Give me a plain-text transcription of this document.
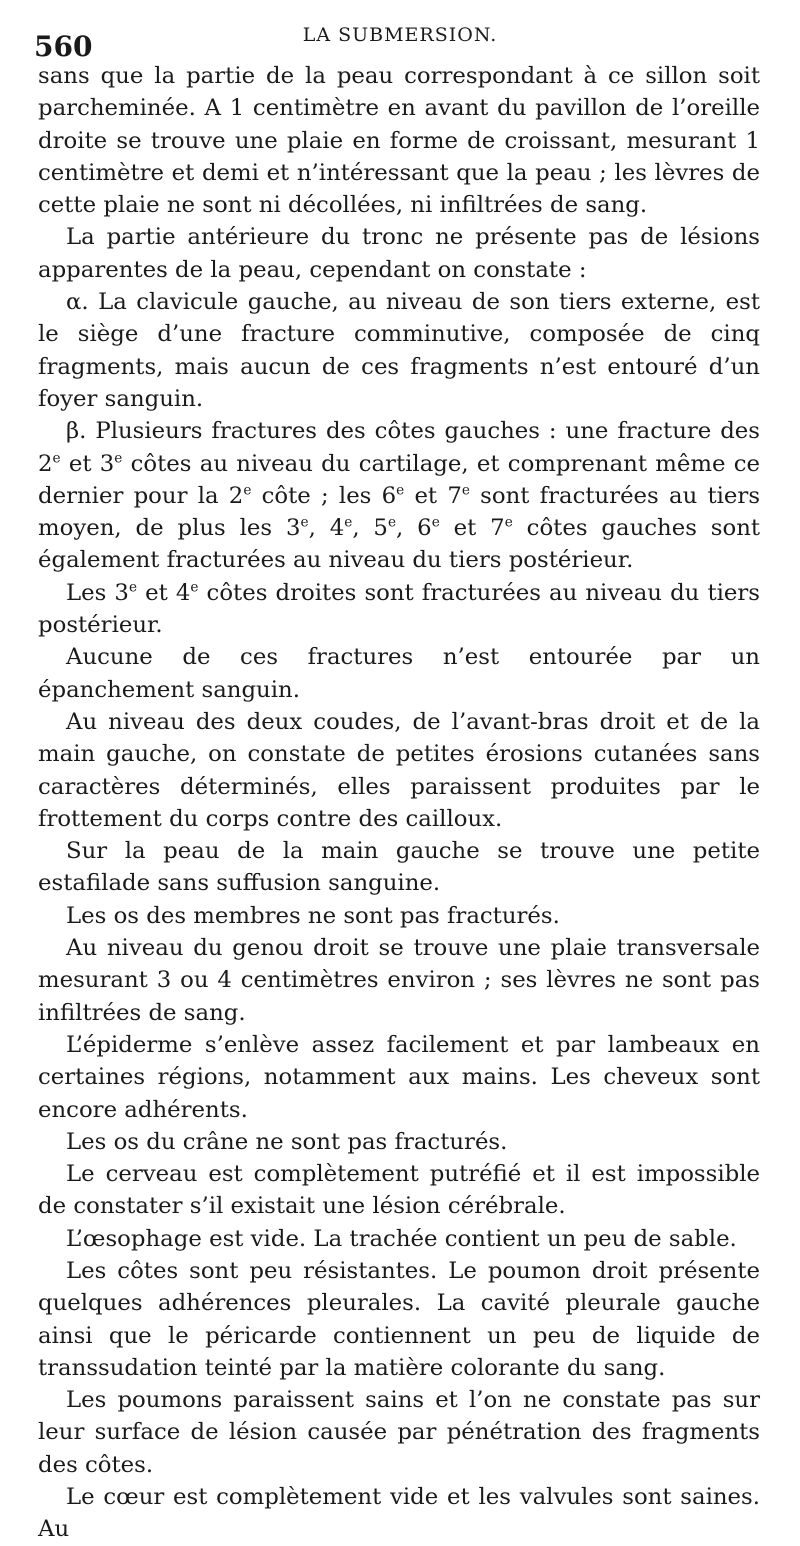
560	LA SUBMERSION.

sans que la partie de la peau correspondant à ce sillon soit parcheminée. A 1 centimètre en avant du pavillon de l’oreille droite se trouve une plaie en forme de croissant, mesurant 1 centimètre et demi et n’intéressant que la peau ; les lèvres de cette plaie ne sont ni décollées, ni infiltrées de sang.

La partie antérieure du tronc ne présente pas de lésions apparentes de la peau, cependant on constate :

α. La clavicule gauche, au niveau de son tiers externe, est le siège d’une fracture comminutive, composée de cinq fragments, mais aucun de ces fragments n’est entouré d’un foyer sanguin.

β. Plusieurs fractures des côtes gauches : une fracture des 2e et 3e côtes au niveau du cartilage, et comprenant même ce dernier pour la 2e côte ; les 6e et 7e sont fracturées au tiers moyen, de plus les 3e, 4e, 5e, 6e et 7e côtes gauches sont également fracturées au niveau du tiers postérieur.

Les 3e et 4e côtes droites sont fracturées au niveau du tiers postérieur.

Aucune de ces fractures n’est entourée par un épanchement sanguin.

Au niveau des deux coudes, de l’avant-bras droit et de la main gauche, on constate de petites érosions cutanées sans caractères déterminés, elles paraissent produites par le frottement du corps contre des cailloux.

Sur la peau de la main gauche se trouve une petite estafilade sans suffusion sanguine.

Les os des membres ne sont pas fracturés.

Au niveau du genou droit se trouve une plaie transversale mesurant 3 ou 4 centimètres environ ; ses lèvres ne sont pas infiltrées de sang.

L’épiderme s’enlève assez facilement et par lambeaux en certaines régions, notamment aux mains. Les cheveux sont encore adhérents.

Les os du crâne ne sont pas fracturés.

Le cerveau est complètement putréfié et il est impossible de constater s’il existait une lésion cérébrale.

L’œsophage est vide. La trachée contient un peu de sable.

Les côtes sont peu résistantes. Le poumon droit présente quelques adhérences pleurales. La cavité pleurale gauche ainsi que le péricarde contiennent un peu de liquide de transsudation teinté par la matière colorante du sang.

Les poumons paraissent sains et l’on ne constate pas sur leur surface de lésion causée par pénétration des fragments des côtes.

Le cœur est complètement vide et les valvules sont saines. Au
